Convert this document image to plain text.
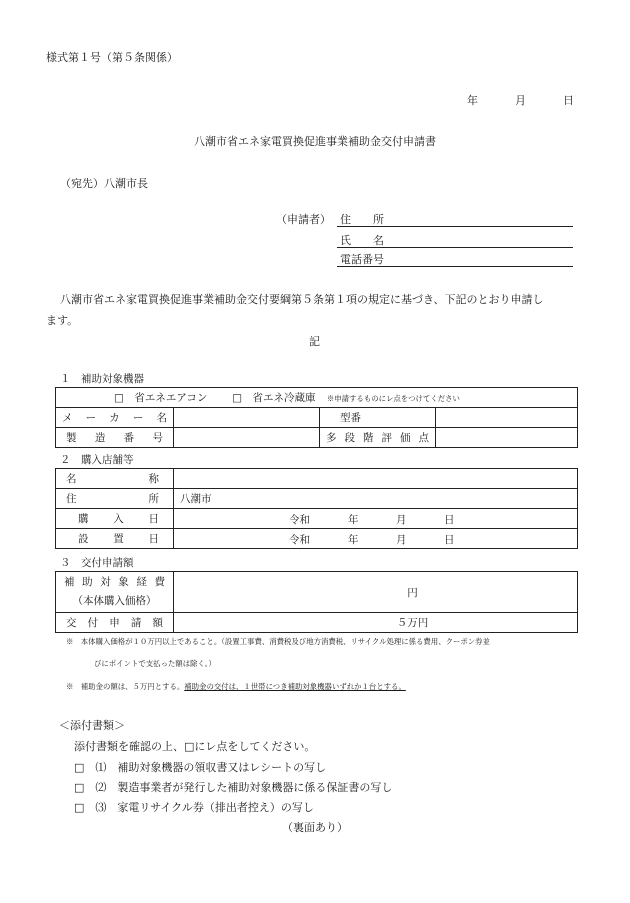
様式第１号（第５条関係）
年	月	日
八潮市省エネ家電買換促進事業補助金交付申請書
（宛先）八潮市長
（申請者） 住　　所
氏　　名
電話番号
八潮市省エネ家電買換促進事業補助金交付要綱第５条第１項の規定に基づき、下記のとおり申請し
ます。
記
１　補助対象機器
□　省エネエアコン □　省エネ冷蔵庫 ※申請するものにレ点をつけてください			

メーカー名		型番	

製造番号		多段階評価点	

２　購入店舗等
名称	

住所	八潮市

購入日	令和 年 月 日

設置日	令和 年 月 日
３　交付申請額
補助対象経費
（本体購入価格）	円

交付申請額	５万円
※　本体購入価格が１０万円以上であること。（設置工事費、消費税及び地方消費税、リサイクル処理に係る費用、クーポン券並
びにポイントで支払った額は除く。）
※　補助金の額は、５万円とする。補助金の交付は、１世帯につき補助対象機器いずれか１台とする。
＜添付書類＞
添付書類を確認の上、□にレ点をしてください。
□　⑴　補助対象機器の領収書又はレシートの写し
□　⑵　製造事業者が発行した補助対象機器に係る保証書の写し
□　⑶　家電リサイクル券（排出者控え）の写し
（裏面あり）
